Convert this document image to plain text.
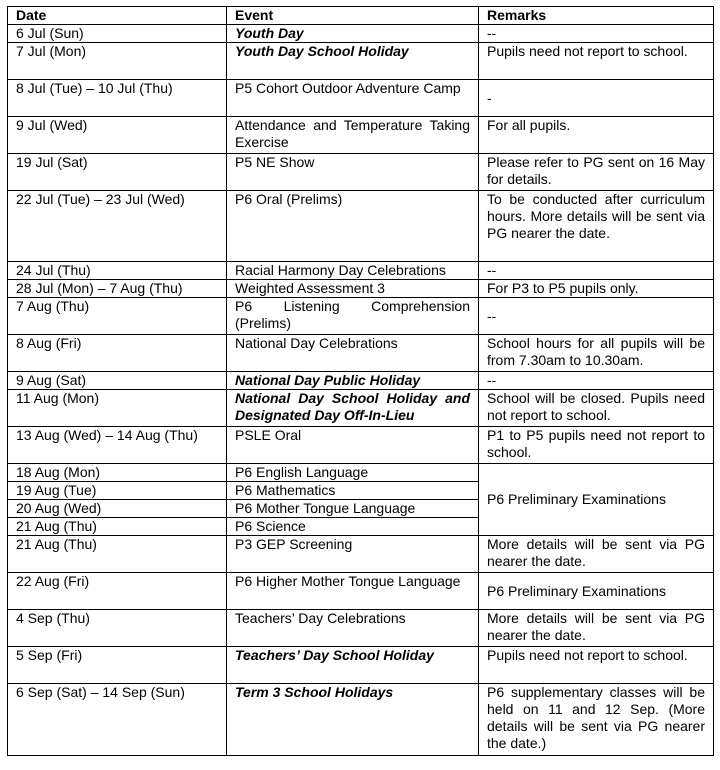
Date	Event	Remarks
6 Jul (Sun)	Youth Day	--
7 Jul (Mon)	Youth Day School Holiday	Pupils need not report to school.
8 Jul (Tue) – 10 Jul (Thu)	P5 Cohort Outdoor Adventure Camp	-
9 Jul (Wed)	Attendance and Temperature Taking Exercise	For all pupils.
19 Jul (Sat)	P5 NE Show	Please refer to PG sent on 16 May for details.
22 Jul (Tue) – 23 Jul (Wed)	P6 Oral (Prelims)	To be conducted after curriculum hours. More details will be sent via PG nearer the date.
24 Jul (Thu)	Racial Harmony Day Celebrations	--
28 Jul (Mon) – 7 Aug (Thu)	Weighted Assessment 3	For P3 to P5 pupils only.
7 Aug (Thu)	P6 Listening Comprehension (Prelims)	--
8 Aug (Fri)	National Day Celebrations	School hours for all pupils will be from 7.30am to 10.30am.
9 Aug (Sat)	National Day Public Holiday	--
11 Aug (Mon)	National Day School Holiday and Designated Day Off-In-Lieu	School will be closed. Pupils need not report to school.
13 Aug (Wed) – 14 Aug (Thu)	PSLE Oral	P1 to P5 pupils need not report to school.
18 Aug (Mon)	P6 English Language	P6 Preliminary Examinations
19 Aug (Tue)	P6 Mathematics	
20 Aug (Wed)	P6 Mother Tongue Language	
21 Aug (Thu)	P6 Science	
21 Aug (Thu)	P3 GEP Screening	More details will be sent via PG nearer the date.
22 Aug (Fri)	P6 Higher Mother Tongue Language	P6 Preliminary Examinations
4 Sep (Thu)	Teachers’ Day Celebrations	More details will be sent via PG nearer the date.
5 Sep (Fri)	Teachers’ Day School Holiday	Pupils need not report to school.
6 Sep (Sat) – 14 Sep (Sun)	Term 3 School Holidays	P6 supplementary classes will be held on 11 and 12 Sep. (More details will be sent via PG nearer the date.)
